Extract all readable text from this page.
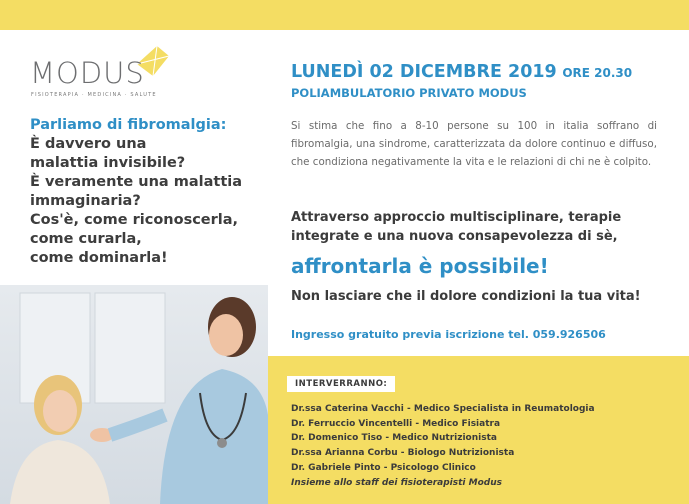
MODUS
FISIOTERAPIA · MEDICINA · SALUTE
Parliamo di fibromalgia:
È davvero una
malattia invisibile?
È veramente una malattia
immaginaria?
Cos'è, come riconoscerla,
come curarla,
come dominarla!
LUNEDÌ 02 DICEMBRE 2019 ORE 20.30
POLIAMBULATORIO PRIVATO MODUS
Si stima che fino a 8-10 persone su 100 in italia soffrano di fibromalgia, una sindrome, caratterizzata da dolore continuo e diffuso, che condiziona negativamente la vita e le relazioni di chi ne è colpito.
Attraverso approccio multisciplinare, terapie integrate e una nuova consapevolezza di sè,
affrontarla è possibile!
Non lasciare che il dolore condizioni la tua vita!
Ingresso gratuito previa iscrizione tel. 059.926506
INTERVERRANNO:
Dr.ssa Caterina Vacchi - Medico Specialista in Reumatologia
Dr. Ferruccio Vincentelli - Medico Fisiatra
Dr. Domenico Tiso - Medico Nutrizionista
Dr.ssa Arianna Corbu - Biologo Nutrizionista
Dr. Gabriele Pinto - Psicologo Clinico
Insieme allo staff dei fisioterapisti Modus
